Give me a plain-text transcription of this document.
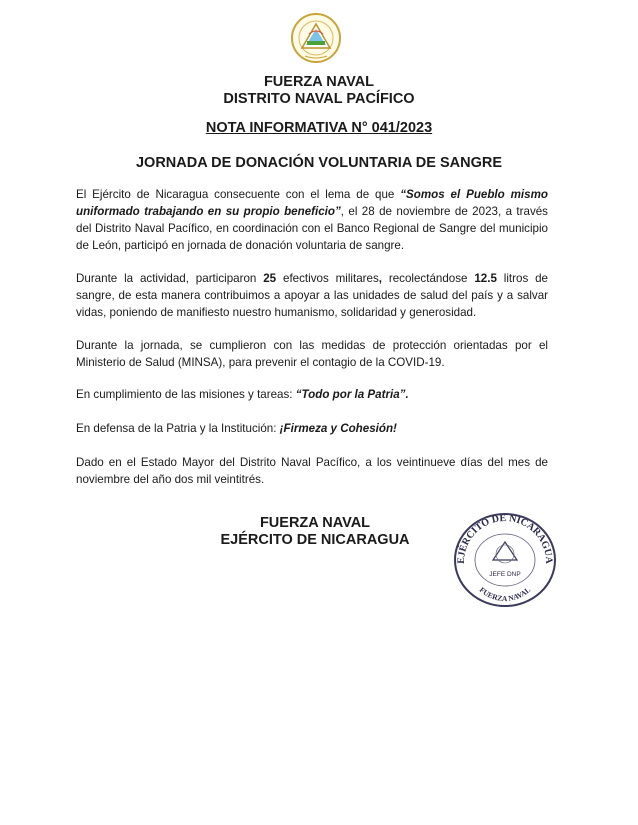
FUERZA NAVAL
DISTRITO NAVAL PACÍFICO
NOTA INFORMATIVA N° 041/2023
JORNADA DE DONACIÓN VOLUNTARIA DE SANGRE

El Ejército de Nicaragua consecuente con el lema de que “Somos el Pueblo mismo uniformado trabajando en su propio beneficio”, el 28 de noviembre de 2023, a través del Distrito Naval Pacífico, en coordinación con el Banco Regional de Sangre del municipio de León, participó en jornada de donación voluntaria de sangre.

Durante la actividad, participaron 25 efectivos militares, recolectándose 12.5 litros de sangre, de esta manera contribuimos a apoyar a las unidades de salud del país y a salvar vidas, poniendo de manifiesto nuestro humanismo, solidaridad y generosidad.

Durante la jornada, se cumplieron con las medidas de protección orientadas por el Ministerio de Salud (MINSA), para prevenir el contagio de la COVID-19.

En cumplimiento de las misiones y tareas: “Todo por la Patria”.

En defensa de la Patria y la Institución: ¡Firmeza y Cohesión!

Dado en el Estado Mayor del Distrito Naval Pacífico, a los veintinueve días del mes de noviembre del año dos mil veintitrés.

FUERZA NAVAL
EJÉRCITO DE NICARAGUA
EJÉRCITO DE NICARAGUA
JEFE DNP
FUERZA NAVAL
